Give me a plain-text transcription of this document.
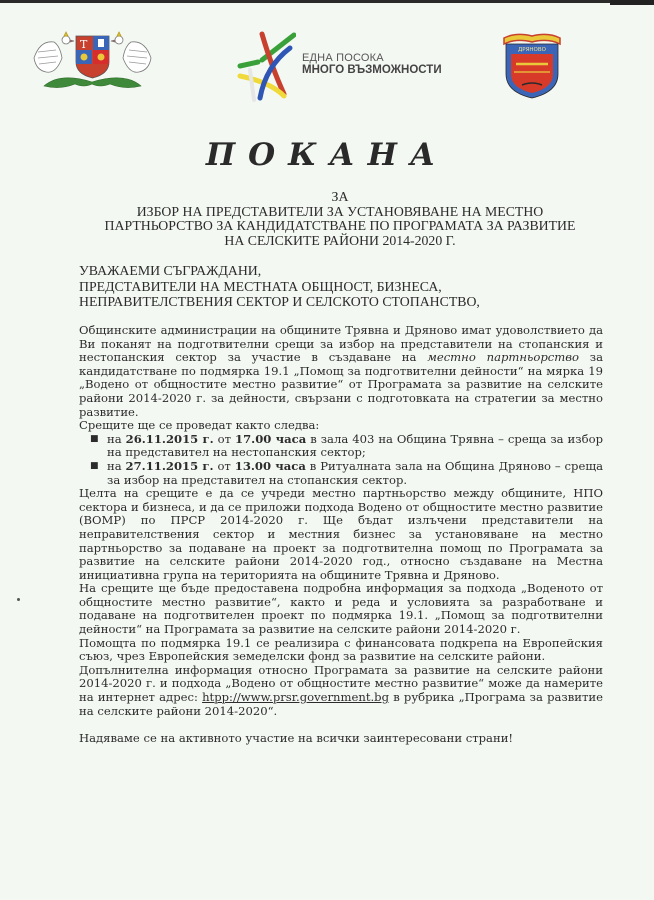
T
ЕДНА ПОСОКА
МНОГО ВЪЗМОЖНОСТИ
ДРЯНОВО
ПОКАНА
ЗА
ИЗБОР НА ПРЕДСТАВИТЕЛИ ЗА УСТАНОВЯВАНЕ НА МЕСТНО
ПАРТНЬОРСТВО ЗА КАНДИДАТСТВАНЕ ПО ПРОГРАМАТА ЗА РАЗВИТИЕ
НА СЕЛСКИТЕ РАЙОНИ 2014-2020 Г.
УВАЖАЕМИ СЪГРАЖДАНИ,
ПРЕДСТАВИТЕЛИ НА МЕСТНАТА ОБЩНОСТ, БИЗНЕСА,
НЕПРАВИТЕЛСТВЕНИЯ СЕКТОР И СЕЛСКОТО СТОПАНСТВО,

Общинските администрации на общините Трявна и Дряново имат удоволствието да Ви поканят на подготвителни срещи за избор на представители на стопанския и нестопанския сектор за участие в създаване на местно партньорство за кандидатстване по подмярка 19.1 „Помощ за подготвителни дейности“ на мярка 19 „Водено от общностите местно развитие“ от Програмата за развитие на селските райони 2014-2020 г. за дейности, свързани с подготовката на стратегии за местно развитие.

Срещите ще се проведат както следва:

■ на 26.11.2015 г. от 17.00 часа в зала 403 на Община Трявна – среща за избор на представител на нестопанския сектор;
■ на 27.11.2015 г. от 13.00 часа в Ритуалната зала на Община Дряново – среща за избор на представител на стопанския сектор.

Целта на срещите е да се учреди местно партньорство между общините, НПО сектора и бизнеса, и да се приложи подхода Водено от общностите местно развитие (ВОМР) по ПРСР 2014-2020 г. Ще бъдат излъчени представители на неправителствения сектор и местния бизнес за установяване на местно партньорство за подаване на проект за подготвителна помощ по Програмата за развитие на селските райони 2014-2020 год., относно създаване на Местна инициативна група на територията на общините Трявна и Дряново.

На срещите ще бъде предоставена подробна информация за подхода „Воденото от общностите местно развитие“, както и реда и условията за разработване и подаване на подготвителен проект по подмярка 19.1. „Помощ за подготвителни дейности“ на Програмата за развитие на селските райони 2014-2020 г.

Помощта по подмярка 19.1 се реализира с финансовата подкрепа на Европейския съюз, чрез Европейския земеделски фонд за развитие на селските райони.

Допълнителна информация относно Програмата за развитие на селските райони 2014-2020 г. и подхода „Водено от общностите местно развитие“ може да намерите на интернет адрес: htpp://www.prsr.government.bg в рубрика „Програма за развитие на селските райони 2014-2020“.

Надяваме се на активното участие на всички заинтересовани страни!
